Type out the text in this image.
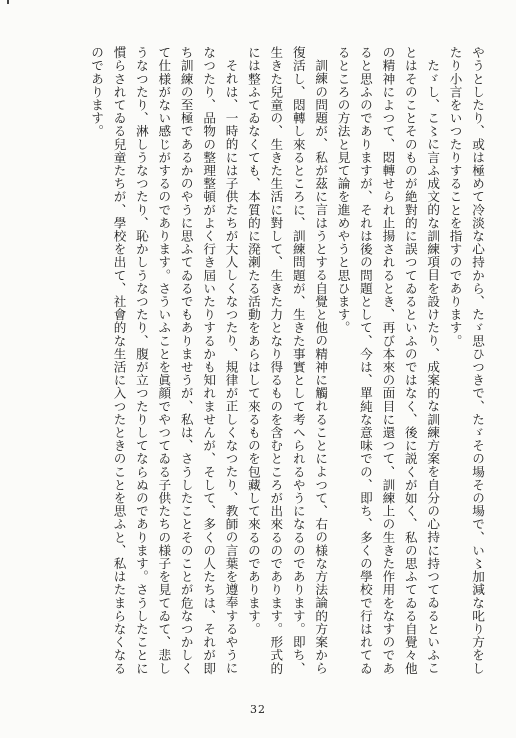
やうとしたり、或は極めて冷淡な心持から、たゞ思ひつきで、たゞその場その場で、い〻加減な叱り方をしたり小言をいつたりすることを指すのであります。

たゞし、こ〻に言ふ成文的な訓練項目を設けたり、成案的な訓練方案を自分の心持に持つてゐるといふことはそのことそのものが絶對的に誤つてゐるといふのではなく、後に説くが如く、私の思ふてゐる自覺々他の精神によつて、悶轉せられ止揚されるとき、再び本來の面目に還つて、訓練上の生きた作用をなすのであると思ふのでありますが、それは後の問題として、今は、單純な意味での、即ち、多くの學校で行はれてゐるところの方法と見て論を進めやうと思ひます。

訓練の問題が、私が茲に言はうとする自覺と他の精神に觸れることによつて、右の様な方法論的方案から復活し、悶轉し來るところに、訓練問題が、生きた事實として考へられるやうになるのであります。即ち、生きた兒童の、生きた生活に對して、生きた力となり得るものを含むところが出來るのであります。形式的には整ふてゐなくても、本質的に溌溂たる活動をあらはして來るものを包藏して來るのであります。

それは、一時的には子供たちが大人しくなつたり、規律が正しくなつたり、教師の言葉を遵奉するやうになつたり、品物の整理整頓がよく行き屆いたりするかも知れませんが、そして、多くの人たちは、それが即ち訓練の至極であるかのやうに思ふてゐるでもありませうが、私は、さうしたことそのことが危なつかしくて仕様がない感じがするのであります。さういふことを眞顔でやつてゐる子供たちの様子を見てゐて、悲しうなつたり、淋しうなつたり、恥かしうなつたり、腹が立つたりしてならぬのであります。さうしたことに慣らされてゐる兒童たちが、學校を出て、社會的な生活に入つたときのことを思ふと、私はたまらなくなるのであります。

32
